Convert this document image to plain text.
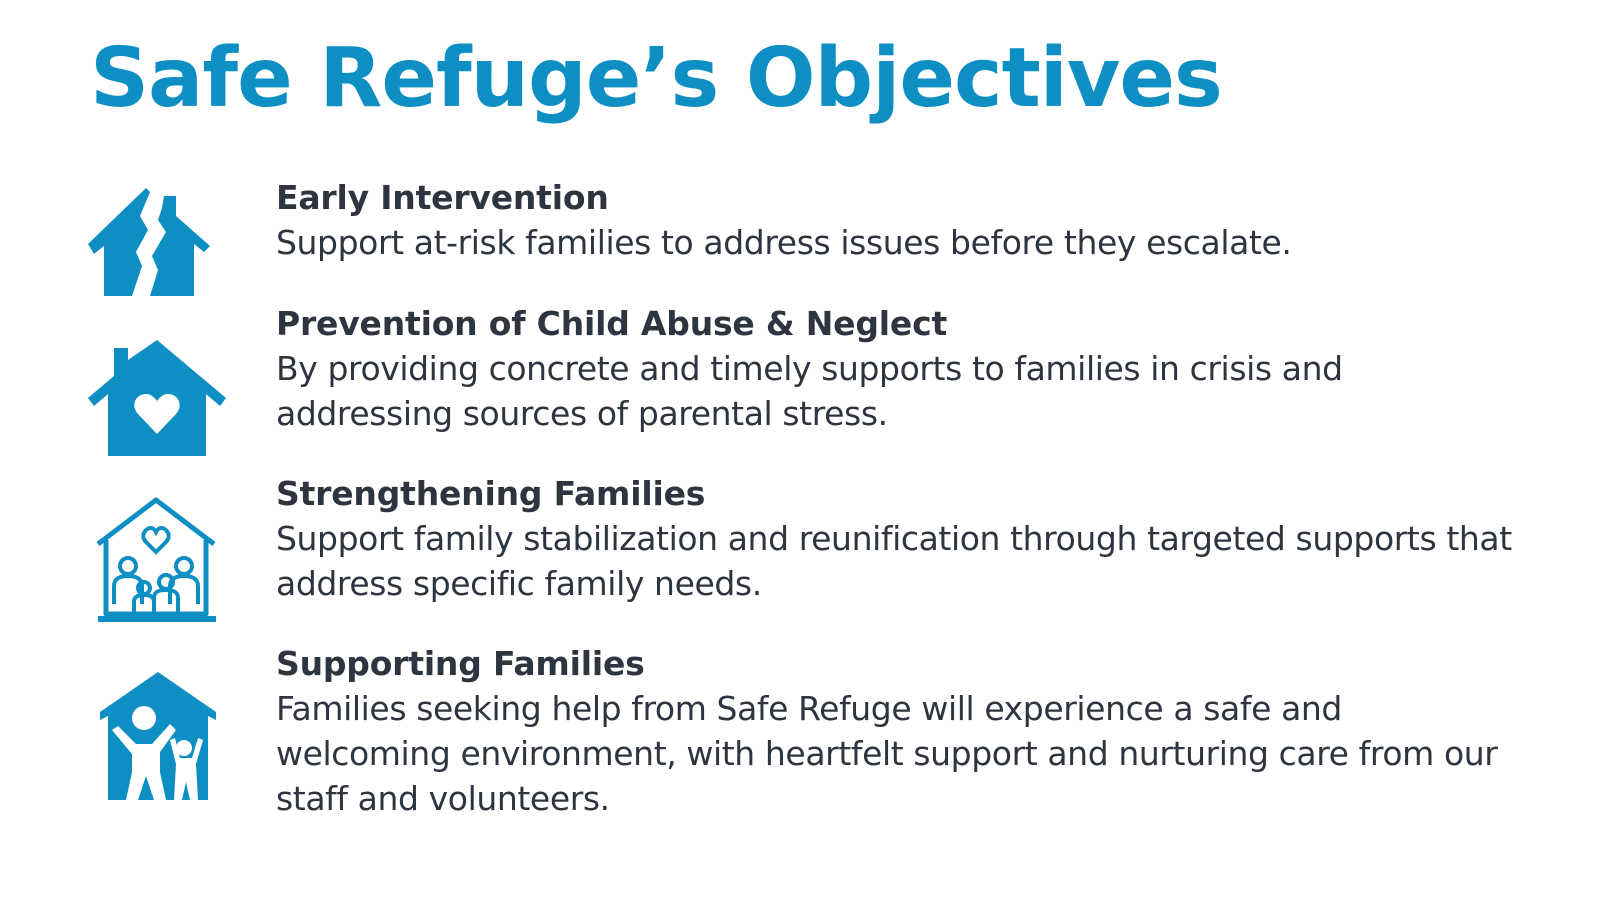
Safe Refuge’s Objectives
Early Intervention

Support at-risk families to address issues before they escalate.

Prevention of Child Abuse & Neglect

By providing concrete and timely supports to families in crisis and addressing sources of parental stress.

Strengthening Families

Support family stabilization and reunification through targeted supports that address specific family needs.

Supporting Families

Families seeking help from Safe Refuge will experience a safe and welcoming environment, with heartfelt support and nurturing care from our staff and volunteers.
